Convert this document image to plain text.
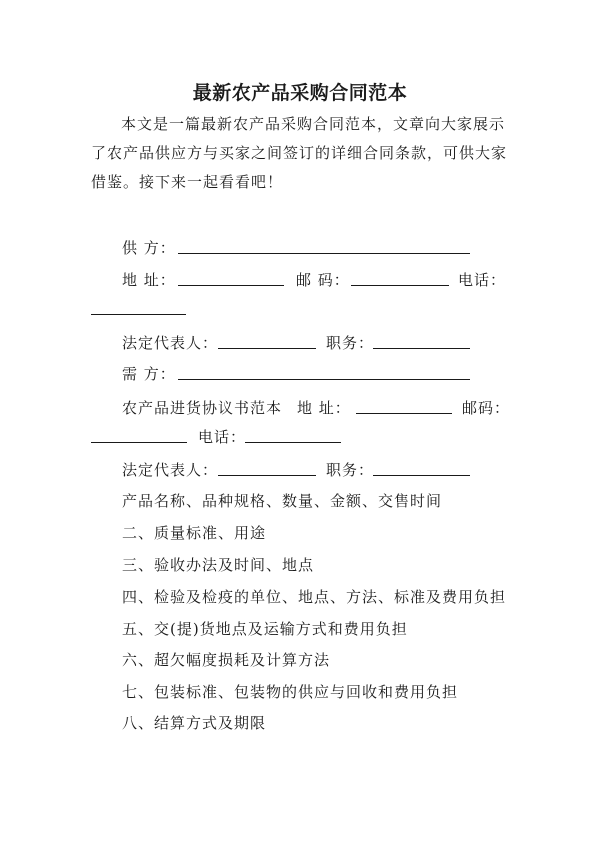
最新农产品采购合同范本
本文是一篇最新农产品采购合同范本，文章向大家展示了农产品供应方与买家之间签订的详细合同条款，可供大家借鉴。接下来一起看看吧！
供 方：
地 址：	邮 码：	电话：
法定代表人：	职务：
需 方：
农产品进货协议书范本 地 址：	邮码：
电话：
法定代表人：	职务：
产品名称、品种规格、数量、金额、交售时间
二、质量标准、用途
三、验收办法及时间、地点
四、检验及检疫的单位、地点、方法、标准及费用负担
五、交(提)货地点及运输方式和费用负担
六、超欠幅度损耗及计算方法
七、包装标准、包装物的供应与回收和费用负担
八、结算方式及期限
